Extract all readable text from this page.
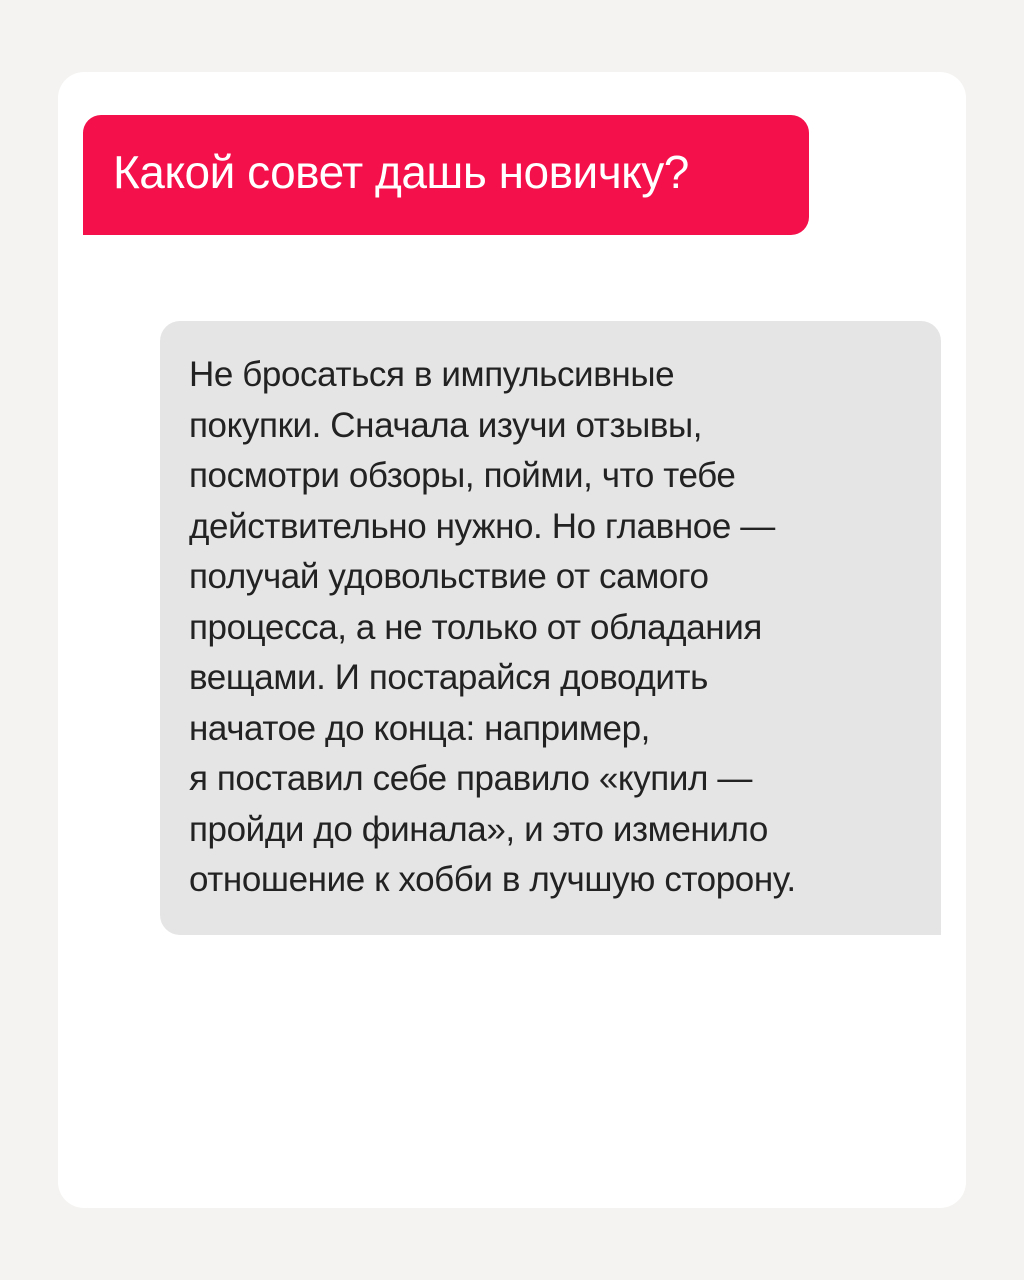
Какой совет дашь новичку?
Не бросаться в импульсивные
покупки. Сначала изучи отзывы,
посмотри обзоры, пойми, что тебе
действительно нужно. Но главное —
получай удовольствие от самого
процесса, а не только от обладания
вещами. И постарайся доводить
начатое до конца: например,
я поставил себе правило «купил —
пройди до финала», и это изменило
отношение к хобби в лучшую сторону.
